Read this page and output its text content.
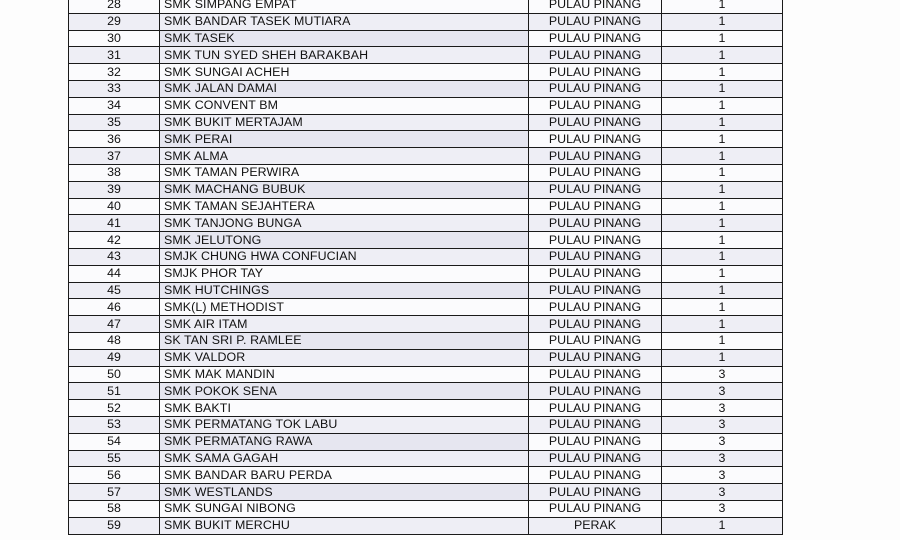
28	SMK SIMPANG EMPAT	PULAU PINANG	1
29	SMK BANDAR TASEK MUTIARA	PULAU PINANG	1
30	SMK TASEK	PULAU PINANG	1
31	SMK TUN SYED SHEH BARAKBAH	PULAU PINANG	1
32	SMK SUNGAI ACHEH	PULAU PINANG	1
33	SMK JALAN DAMAI	PULAU PINANG	1
34	SMK CONVENT BM	PULAU PINANG	1
35	SMK BUKIT MERTAJAM	PULAU PINANG	1
36	SMK PERAI	PULAU PINANG	1
37	SMK ALMA	PULAU PINANG	1
38	SMK TAMAN PERWIRA	PULAU PINANG	1
39	SMK MACHANG BUBUK	PULAU PINANG	1
40	SMK TAMAN SEJAHTERA	PULAU PINANG	1
41	SMK TANJONG BUNGA	PULAU PINANG	1
42	SMK JELUTONG	PULAU PINANG	1
43	SMJK CHUNG HWA CONFUCIAN	PULAU PINANG	1
44	SMJK PHOR TAY	PULAU PINANG	1
45	SMK HUTCHINGS	PULAU PINANG	1
46	SMK(L) METHODIST	PULAU PINANG	1
47	SMK AIR ITAM	PULAU PINANG	1
48	SK TAN SRI P. RAMLEE	PULAU PINANG	1
49	SMK VALDOR	PULAU PINANG	1
50	SMK MAK MANDIN	PULAU PINANG	3
51	SMK POKOK SENA	PULAU PINANG	3
52	SMK BAKTI	PULAU PINANG	3
53	SMK PERMATANG TOK LABU	PULAU PINANG	3
54	SMK PERMATANG RAWA	PULAU PINANG	3
55	SMK SAMA GAGAH	PULAU PINANG	3
56	SMK BANDAR BARU PERDA	PULAU PINANG	3
57	SMK WESTLANDS	PULAU PINANG	3
58	SMK SUNGAI NIBONG	PULAU PINANG	3
59	SMK BUKIT MERCHU	PERAK	1
